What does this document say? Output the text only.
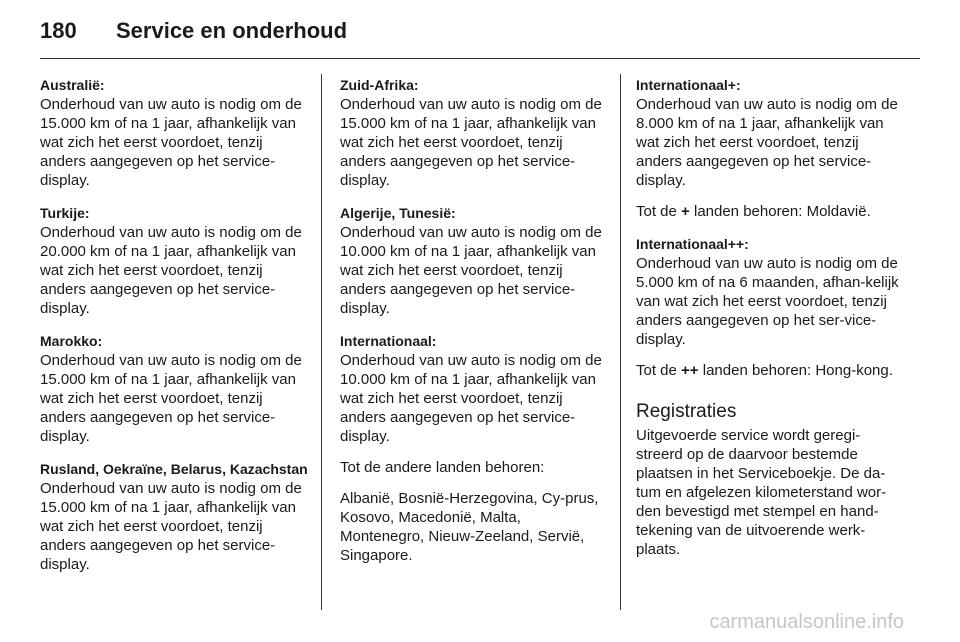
180 Service en onderhoud
Australië:

Onderhoud van uw auto is nodig om de 15.000 km of na 1 jaar, afhankelijk van wat zich het eerst voordoet, tenzij anders aangegeven op het service-display.

Turkije:

Onderhoud van uw auto is nodig om de 20.000 km of na 1 jaar, afhankelijk van wat zich het eerst voordoet, tenzij anders aangegeven op het service-display.

Marokko:

Onderhoud van uw auto is nodig om de 15.000 km of na 1 jaar, afhankelijk van wat zich het eerst voordoet, tenzij anders aangegeven op het service-display.

Rusland, Oekraïne, Belarus, Kazachstan

Onderhoud van uw auto is nodig om de 15.000 km of na 1 jaar, afhankelijk van wat zich het eerst voordoet, tenzij anders aangegeven op het service-display.

Zuid-Afrika:

Onderhoud van uw auto is nodig om de 15.000 km of na 1 jaar, afhankelijk van wat zich het eerst voordoet, tenzij anders aangegeven op het service-display.

Algerije, Tunesië:

Onderhoud van uw auto is nodig om de 10.000 km of na 1 jaar, afhankelijk van wat zich het eerst voordoet, tenzij anders aangegeven op het service-display.

Internationaal:

Onderhoud van uw auto is nodig om de 10.000 km of na 1 jaar, afhankelijk van wat zich het eerst voordoet, tenzij anders aangegeven op het service-display.

Tot de andere landen behoren:

Albanië, Bosnië-Herzegovina, Cy-prus, Kosovo, Macedonië, Malta, Montenegro, Nieuw-Zeeland, Servië, Singapore.

Internationaal+:

Onderhoud van uw auto is nodig om de 8.000 km of na 1 jaar, afhankelijk van wat zich het eerst voordoet, tenzij anders aangegeven op het service-display.

Tot de + landen behoren: Moldavië.

Internationaal++:

Onderhoud van uw auto is nodig om de 5.000 km of na 6 maanden, afhan-kelijk van wat zich het eerst voordoet, tenzij anders aangegeven op het ser-vice-display.

Tot de ++ landen behoren: Hong-kong.

Registraties

Uitgevoerde service wordt geregi-streerd op de daarvoor bestemde plaatsen in het Serviceboekje. De da-tum en afgelezen kilometerstand wor-den bevestigd met stempel en hand-tekening van de uitvoerende werk-plaats.

carmanualsonline.info
